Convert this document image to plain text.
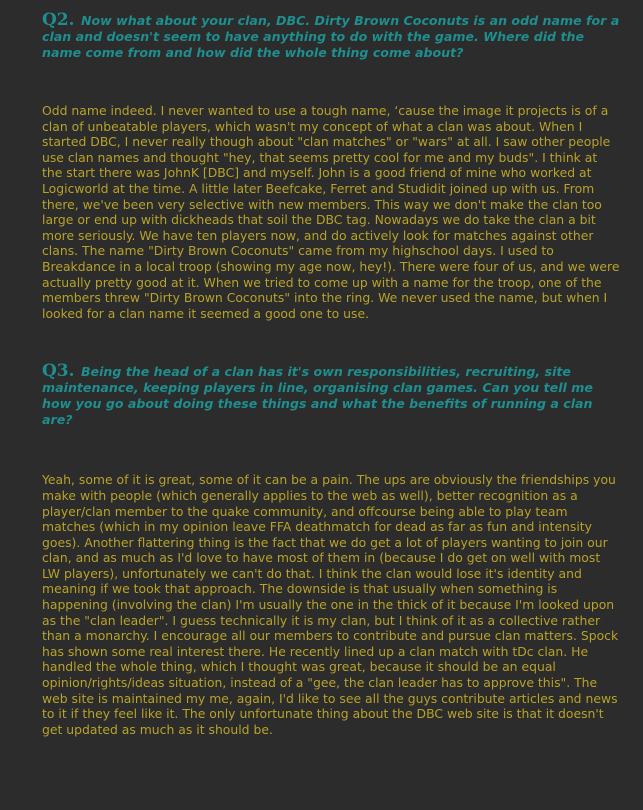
Q2. Now what about your clan, DBC. Dirty Brown Coconuts is an odd name for a clan and doesn't seem to have anything to do with the game. Where did the name come from and how did the whole thing come about?

Odd name indeed. I never wanted to use a tough name, ‘cause the image it projects is of a clan of unbeatable players, which wasn't my concept of what a clan was about. When I started DBC, I never really though about "clan matches" or "wars" at all. I saw other people use clan names and thought "hey, that seems pretty cool for me and my buds". I think at the start there was JohnK [DBC] and myself. John is a good friend of mine who worked at Logicworld at the time. A little later Beefcake, Ferret and Studidit joined up with us. From there, we've been very selective with new members. This way we don't make the clan too large or end up with dickheads that soil the DBC tag. Nowadays we do take the clan a bit more seriously. We have ten players now, and do actively look for matches against other clans. The name "Dirty Brown Coconuts" came from my highschool days. I used to Breakdance in a local troop (showing my age now, hey!). There were four of us, and we were actually pretty good at it. When we tried to come up with a name for the troop, one of the members threw "Dirty Brown Coconuts" into the ring. We never used the name, but when I looked for a clan name it seemed a good one to use.

Q3. Being the head of a clan has it's own responsibilities, recruiting, site maintenance, keeping players in line, organising clan games. Can you tell me how you go about doing these things and what the benefits of running a clan are?

Yeah, some of it is great, some of it can be a pain. The ups are obviously the friendships you make with people (which generally applies to the web as well), better recognition as a player/clan member to the quake community, and offcourse being able to play team matches (which in my opinion leave FFA deathmatch for dead as far as fun and intensity goes). Another flattering thing is the fact that we do get a lot of players wanting to join our clan, and as much as I'd love to have most of them in (because I do get on well with most LW players), unfortunately we can't do that. I think the clan would lose it's identity and meaning if we took that approach. The downside is that usually when something is happening (involving the clan) I'm usually the one in the thick of it because I'm looked upon as the "clan leader". I guess technically it is my clan, but I think of it as a collective rather than a monarchy. I encourage all our members to contribute and pursue clan matters. Spock has shown some real interest there. He recently lined up a clan match with tDc clan. He handled the whole thing, which I thought was great, because it should be an equal opinion/rights/ideas situation, instead of a "gee, the clan leader has to approve this". The web site is maintained my me, again, I'd like to see all the guys contribute articles and news to it if they feel like it. The only unfortunate thing about the DBC web site is that it doesn't get updated as much as it should be.
